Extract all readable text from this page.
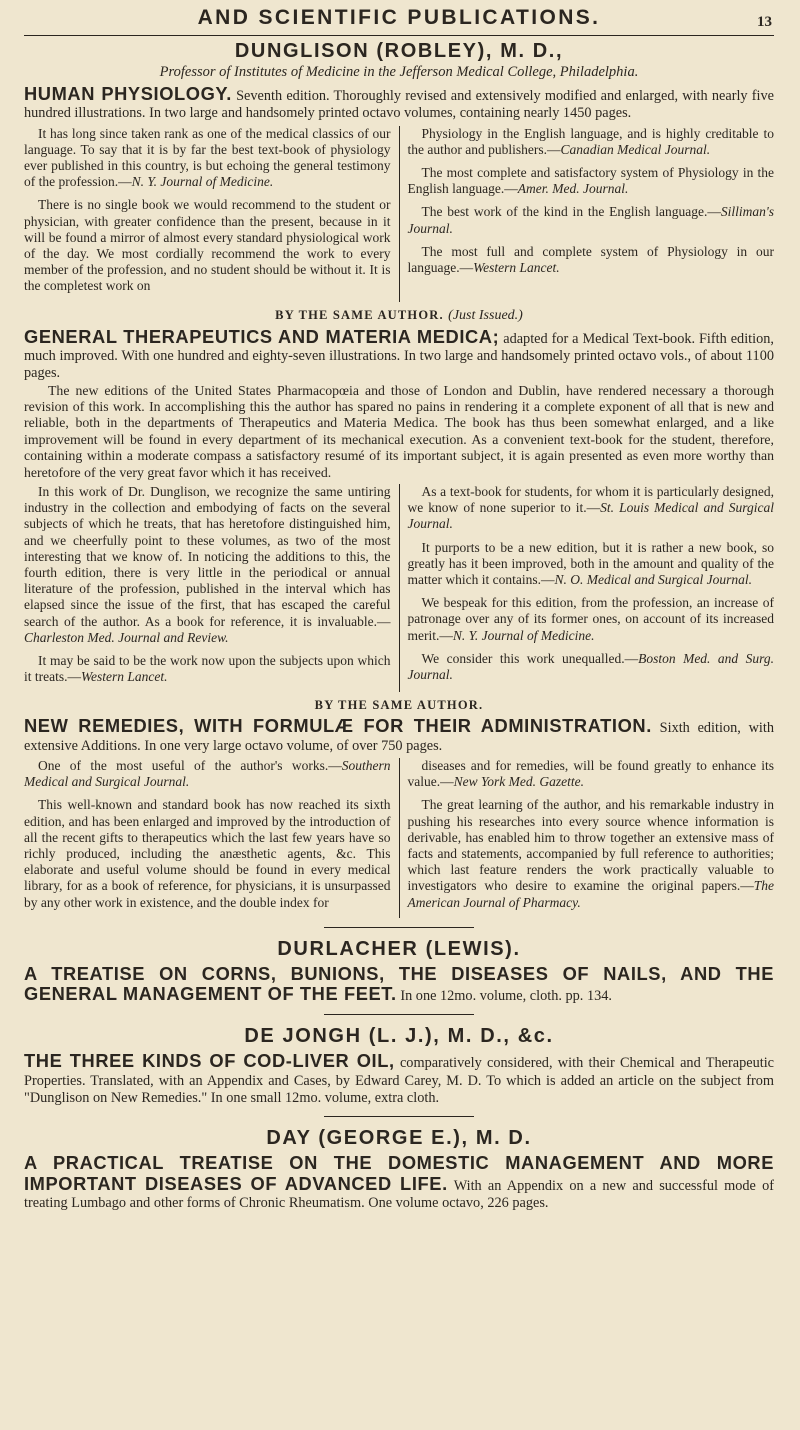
AND SCIENTIFIC PUBLICATIONS.	13
DUNGLISON (ROBLEY), M. D.,
Professor of Institutes of Medicine in the Jefferson Medical College, Philadelphia.

HUMAN PHYSIOLOGY. Seventh edition. Thoroughly revised and extensively modified and enlarged, with nearly five hundred illustrations. In two large and handsomely printed octavo volumes, containing nearly 1450 pages.

It has long since taken rank as one of the medical classics of our language. To say that it is by far the best text-book of physiology ever published in this country, is but echoing the general testimony of the profession.—N. Y. Journal of Medicine.

There is no single book we would recommend to the student or physician, with greater confidence than the present, because in it will be found a mirror of almost every standard physiological work of the day. We most cordially recommend the work to every member of the profession, and no student should be without it. It is the completest work on

Physiology in the English language, and is highly creditable to the author and publishers.—Canadian Medical Journal.

The most complete and satisfactory system of Physiology in the English language.—Amer. Med. Journal.

The best work of the kind in the English language.—Silliman's Journal.

The most full and complete system of Physiology in our language.—Western Lancet.

BY THE SAME AUTHOR. (Just Issued.)

GENERAL THERAPEUTICS AND MATERIA MEDICA; adapted for a Medical Text-book. Fifth edition, much improved. With one hundred and eighty-seven illustrations. In two large and handsomely printed octavo vols., of about 1100 pages.

The new editions of the United States Pharmacopœia and those of London and Dublin, have rendered necessary a thorough revision of this work. In accomplishing this the author has spared no pains in rendering it a complete exponent of all that is new and reliable, both in the departments of Therapeutics and Materia Medica. The book has thus been somewhat enlarged, and a like improvement will be found in every department of its mechanical execution. As a convenient text-book for the student, therefore, containing within a moderate compass a satisfactory resumé of its important subject, it is again presented as even more worthy than heretofore of the very great favor which it has received.

In this work of Dr. Dunglison, we recognize the same untiring industry in the collection and embodying of facts on the several subjects of which he treats, that has heretofore distinguished him, and we cheerfully point to these volumes, as two of the most interesting that we know of. In noticing the additions to this, the fourth edition, there is very little in the periodical or annual literature of the profession, published in the interval which has elapsed since the issue of the first, that has escaped the careful search of the author. As a book for reference, it is invaluable.—Charleston Med. Journal and Review.

It may be said to be the work now upon the subjects upon which it treats.—Western Lancet.

As a text-book for students, for whom it is particularly designed, we know of none superior to it.—St. Louis Medical and Surgical Journal.

It purports to be a new edition, but it is rather a new book, so greatly has it been improved, both in the amount and quality of the matter which it contains.—N. O. Medical and Surgical Journal.

We bespeak for this edition, from the profession, an increase of patronage over any of its former ones, on account of its increased merit.—N. Y. Journal of Medicine.

We consider this work unequalled.—Boston Med. and Surg. Journal.

BY THE SAME AUTHOR.

NEW REMEDIES, WITH FORMULÆ FOR THEIR ADMINISTRATION. Sixth edition, with extensive Additions. In one very large octavo volume, of over 750 pages.

One of the most useful of the author's works.—Southern Medical and Surgical Journal.

This well-known and standard book has now reached its sixth edition, and has been enlarged and improved by the introduction of all the recent gifts to therapeutics which the last few years have so richly produced, including the anæsthetic agents, &c. This elaborate and useful volume should be found in every medical library, for as a book of reference, for physicians, it is unsurpassed by any other work in existence, and the double index for

diseases and for remedies, will be found greatly to enhance its value.—New York Med. Gazette.

The great learning of the author, and his remarkable industry in pushing his researches into every source whence information is derivable, has enabled him to throw together an extensive mass of facts and statements, accompanied by full reference to authorities; which last feature renders the work practically valuable to investigators who desire to examine the original papers.—The American Journal of Pharmacy.

DURLACHER (LEWIS).

A TREATISE ON CORNS, BUNIONS, THE DISEASES OF NAILS, AND THE GENERAL MANAGEMENT OF THE FEET. In one 12mo. volume, cloth. pp. 134.

DE JONGH (L. J.), M. D., &c.

THE THREE KINDS OF COD-LIVER OIL, comparatively considered, with their Chemical and Therapeutic Properties. Translated, with an Appendix and Cases, by Edward Carey, M. D. To which is added an article on the subject from "Dunglison on New Remedies." In one small 12mo. volume, extra cloth.

DAY (GEORGE E.), M. D.

A PRACTICAL TREATISE ON THE DOMESTIC MANAGEMENT AND MORE IMPORTANT DISEASES OF ADVANCED LIFE. With an Appendix on a new and successful mode of treating Lumbago and other forms of Chronic Rheumatism. One volume octavo, 226 pages.
